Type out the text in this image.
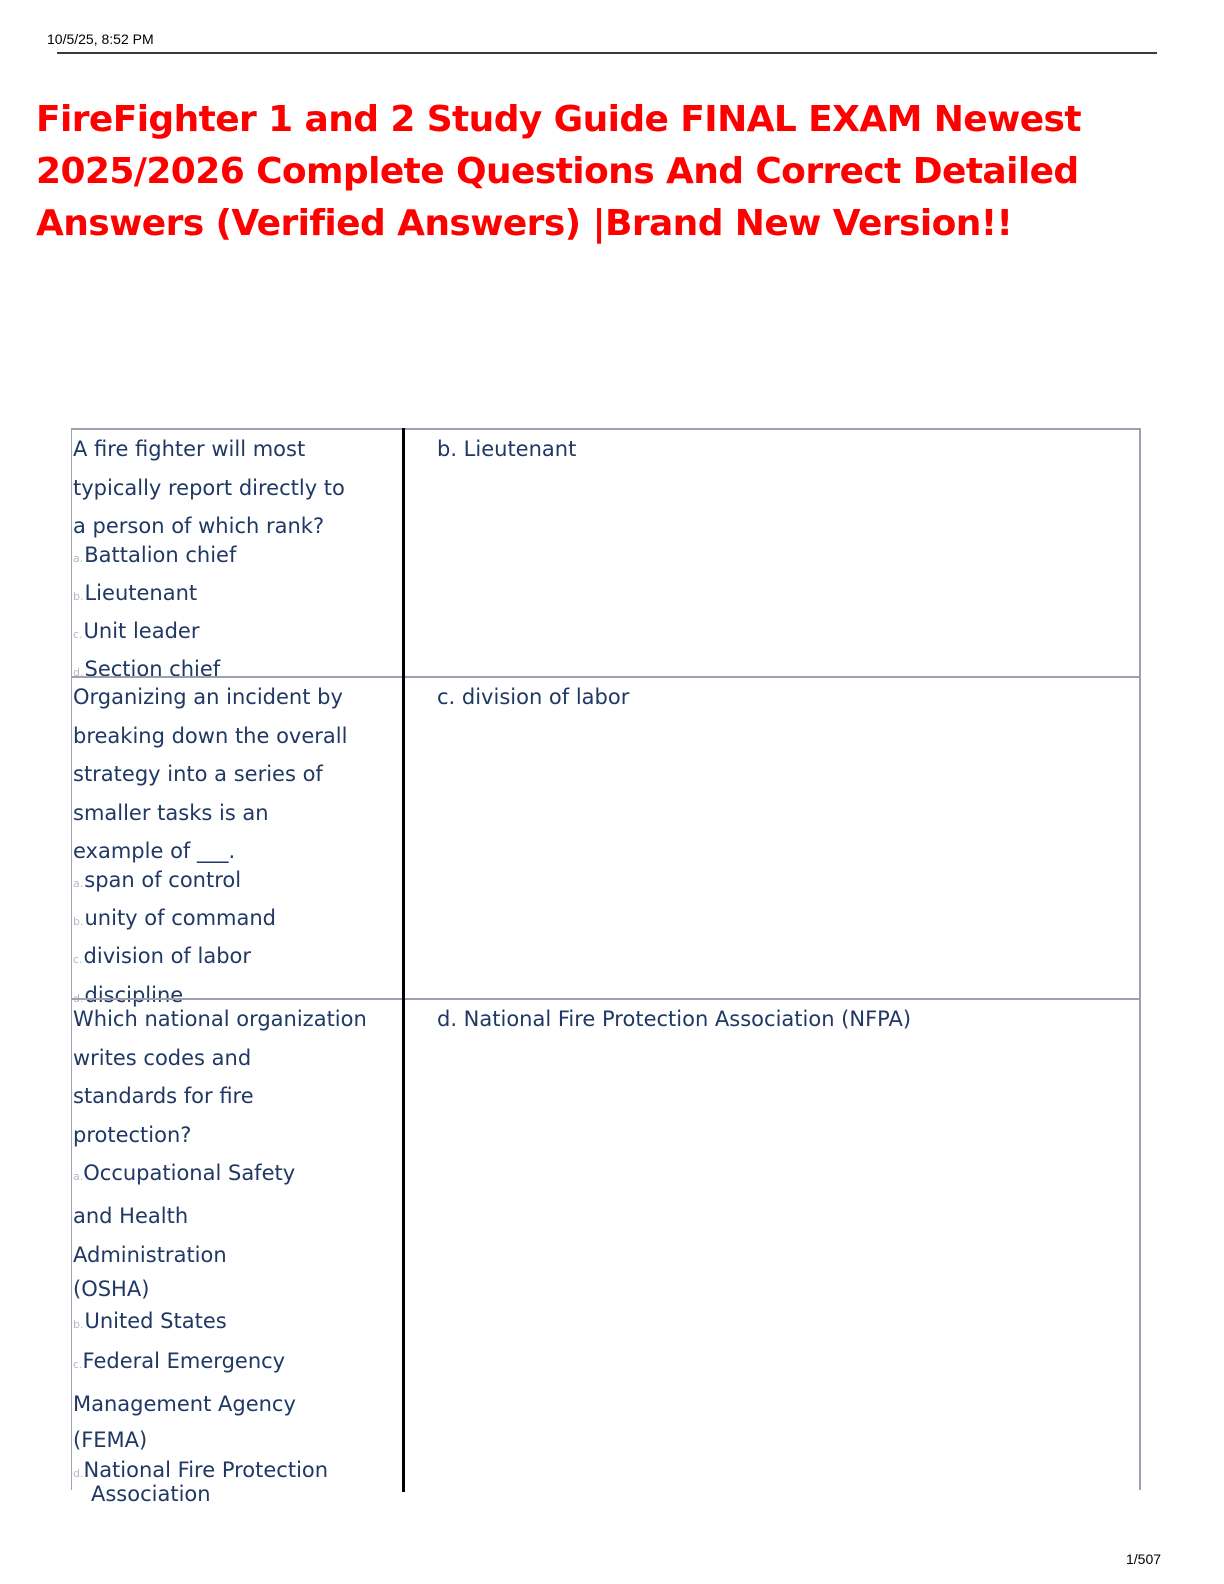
10/5/25, 8:52 PM
FireFighter 1 and 2 Study Guide FINAL EXAM Newest
2025/2026 Complete Questions And Correct Detailed
Answers (Verified Answers) |Brand New Version!!
A fire fighter will most
typically report directly to
a person of which rank?
a.Battalion chief
b.Lieutenant
c.Unit leader
d.Section chief
b. Lieutenant
Organizing an incident by
breaking down the overall
strategy into a series of
smaller tasks is an
example of ___.
a.span of control
b.unity of command
c.division of labor
d.discipline
c. division of labor
Which national organization
writes codes and
standards for fire
protection?
a.Occupational Safety
and Health
Administration
(OSHA)
b.United States
c.Federal Emergency
Management Agency
(FEMA)
d.National Fire Protection
Association
d. National Fire Protection Association (NFPA)
1/507
